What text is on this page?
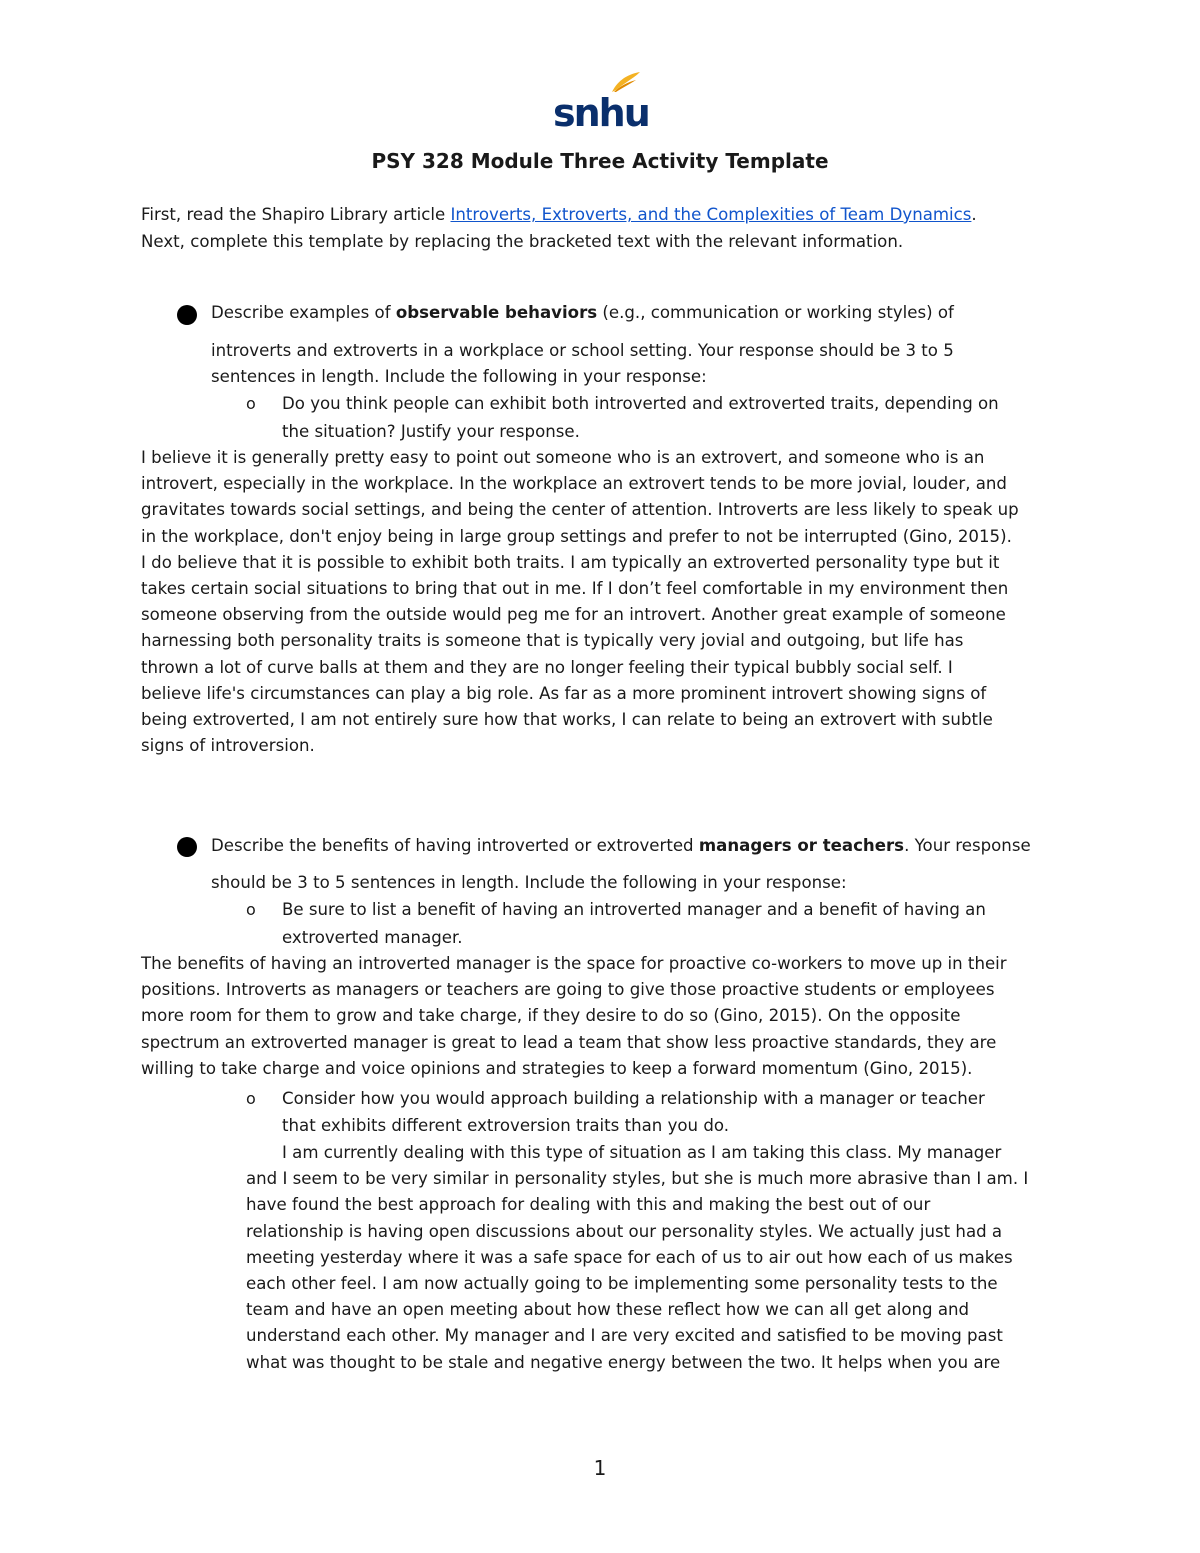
snhu
PSY 328 Module Three Activity Template
First, read the Shapiro Library article Introverts, Extroverts, and the Complexities of Team Dynamics.
Next, complete this template by replacing the bracketed text with the relevant information.
Describe examples of observable behaviors (e.g., communication or working styles) of
introverts and extroverts in a workplace or school setting. Your response should be 3 to 5
sentences in length. Include the following in your response:
o Do you think people can exhibit both introverted and extroverted traits, depending on
the situation? Justify your response.

I believe it is generally pretty easy to point out someone who is an extrovert, and someone who is an

introvert, especially in the workplace. In the workplace an extrovert tends to be more jovial, louder, and

gravitates towards social settings, and being the center of attention. Introverts are less likely to speak up

in the workplace, don't enjoy being in large group settings and prefer to not be interrupted (Gino, 2015).

I do believe that it is possible to exhibit both traits. I am typically an extroverted personality type but it

takes certain social situations to bring that out in me. If I don’t feel comfortable in my environment then

someone observing from the outside would peg me for an introvert. Another great example of someone

harnessing both personality traits is someone that is typically very jovial and outgoing, but life has

thrown a lot of curve balls at them and they are no longer feeling their typical bubbly social self. I

believe life's circumstances can play a big role. As far as a more prominent introvert showing signs of

being extroverted, I am not entirely sure how that works, I can relate to being an extrovert with subtle

signs of introversion.

Describe the benefits of having introverted or extroverted managers or teachers. Your response
should be 3 to 5 sentences in length. Include the following in your response:
o Be sure to list a benefit of having an introverted manager and a benefit of having an
extroverted manager.

The benefits of having an introverted manager is the space for proactive co-workers to move up in their

positions. Introverts as managers or teachers are going to give those proactive students or employees

more room for them to grow and take charge, if they desire to do so (Gino, 2015). On the opposite

spectrum an extroverted manager is great to lead a team that show less proactive standards, they are

willing to take charge and voice opinions and strategies to keep a forward momentum (Gino, 2015).

o Consider how you would approach building a relationship with a manager or teacher
that exhibits different extroversion traits than you do.

I am currently dealing with this type of situation as I am taking this class. My manager

and I seem to be very similar in personality styles, but she is much more abrasive than I am. I

have found the best approach for dealing with this and making the best out of our

relationship is having open discussions about our personality styles. We actually just had a

meeting yesterday where it was a safe space for each of us to air out how each of us makes

each other feel. I am now actually going to be implementing some personality tests to the

team and have an open meeting about how these reflect how we can all get along and

understand each other. My manager and I are very excited and satisfied to be moving past

what was thought to be stale and negative energy between the two. It helps when you are

1
